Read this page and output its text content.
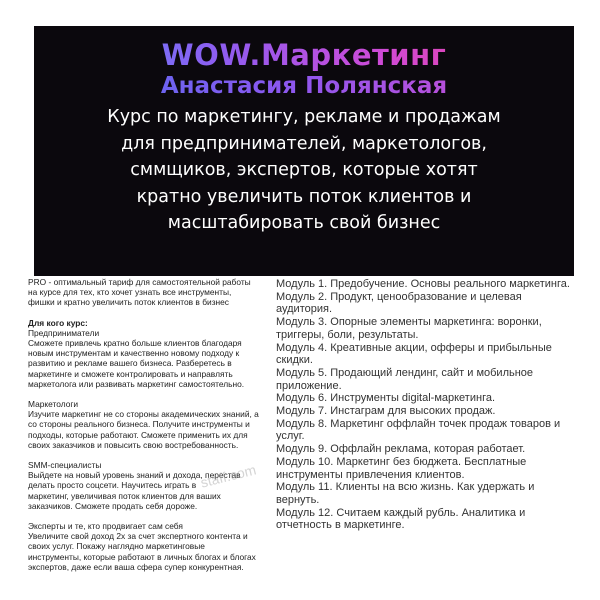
WOW.Маркетинг
Анастасия Полянская
Курс по маркетингу, рекламе и продажам
для предпринимателей, маркетологов,
сммщиков, экспертов, которые хотят
кратно увеличить поток клиентов и
масштабировать свой бизнес
PRO - оптимальный тариф для самостоятельной работы
на курсе для тех, кто хочет узнать все инструменты,
фишки и кратно увеличить поток клиентов в бизнес
Для кого курс:
Предприниматели
Сможете привлечь кратно больше клиентов благодаря
новым инструментам и качественно новому подходу к
развитию и рекламе вашего бизнеса. Разберетесь в
маркетинге и сможете контролировать и направлять
маркетолога или развивать маркетинг самостоятельно.
Маркетологи
Изучите маркетинг не со стороны академических знаний, а
со стороны реального бизнеса. Получите инструменты и
подходы, которые работают. Сможете применить их для
своих заказчиков и повысить свою востребованность.
SMM-специалисты
Выйдете на новый уровень знаний и дохода, перестав
делать просто соцсети. Научитесь играть в
маркетинг, увеличивая поток клиентов для ваших
заказчиков. Сможете продать себя дороже.
Эксперты и те, кто продвигает сам себя
Увеличите свой доход 2х за счет экспертного контента и
своих услуг. Покажу наглядно маркетинговые
инструменты, которые работают в личных блогах и блогах
экспертов, даже если ваша сфера супер конкурентная.
Модуль 1. Предобучение. Основы реального маркетинга.
Модуль 2. Продукт, ценообразование и целевая
аудитория.
Модуль 3. Опорные элементы маркетинга: воронки,
триггеры, боли, результаты.
Модуль 4. Креативные акции, офферы и прибыльные
скидки.
Модуль 5. Продающий лендинг, сайт и мобильное
приложение.
Модуль 6. Инструменты digital-маркетинга.
Модуль 7. Инстаграм для высоких продаж.
Модуль 8. Маркетинг оффлайн точек продаж товаров и
услуг.
Модуль 9. Оффлайн реклама, которая работает.
Модуль 10. Маркетинг без бюджета. Бесплатные
инструменты привлечения клиентов.
Модуль 11. Клиенты на всю жизнь. Как удержать и
вернуть.
Модуль 12. Считаем каждый рубль. Аналитика и
отчетность в маркетинге.
staff.com
